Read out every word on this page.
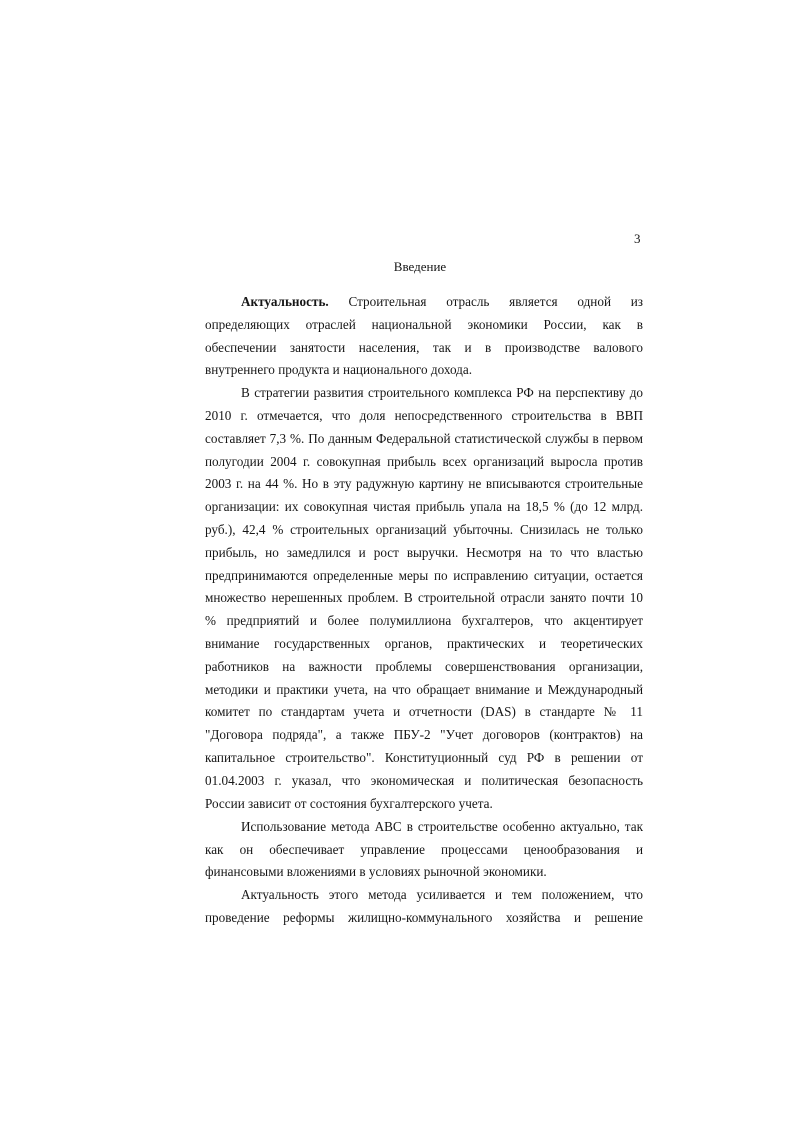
3
Введение
Актуальность. Строительная отрасль является одной из
определяющих отраслей национальной экономики России, как в
обеспечении занятости населения, так и в производстве валового
внутреннего продукта и национального дохода.
В стратегии развития строительного комплекса РФ на перспективу до
2010 г. отмечается, что доля непосредственного строительства в ВВП
составляет 7,3 %. По данным Федеральной статистической службы в первом
полугодии 2004 г. совокупная прибыль всех организаций выросла против
2003 г. на 44 %. Но в эту радужную картину не вписываются строительные
организации: их совокупная чистая прибыль упала на 18,5 % (до 12 млрд.
руб.), 42,4 % строительных организаций убыточны. Снизилась не только
прибыль, но замедлился и рост выручки. Несмотря на то что властью
предпринимаются определенные меры по исправлению ситуации, остается
множество нерешенных проблем. В строительной отрасли занято почти 10
% предприятий и более полумиллиона бухгалтеров, что акцентирует
внимание государственных органов, практических и теоретических
работников на важности проблемы совершенствования организации,
методики и практики учета, на что обращает внимание и Международный
комитет по стандартам учета и отчетности (DAS) в стандарте № 11
"Договора подряда", а также ПБУ-2 "Учет договоров (контрактов) на
капитальное строительство". Конституционный суд РФ в решении от
01.04.2003 г. указал, что экономическая и политическая безопасность
России зависит от состояния бухгалтерского учета.
Использование метода АВС в строительстве особенно актуально, так
как он обеспечивает управление процессами ценообразования и
финансовыми вложениями в условиях рыночной экономики.
Актуальность этого метода усиливается и тем положением, что
проведение реформы жилищно-коммунального хозяйства и решение
